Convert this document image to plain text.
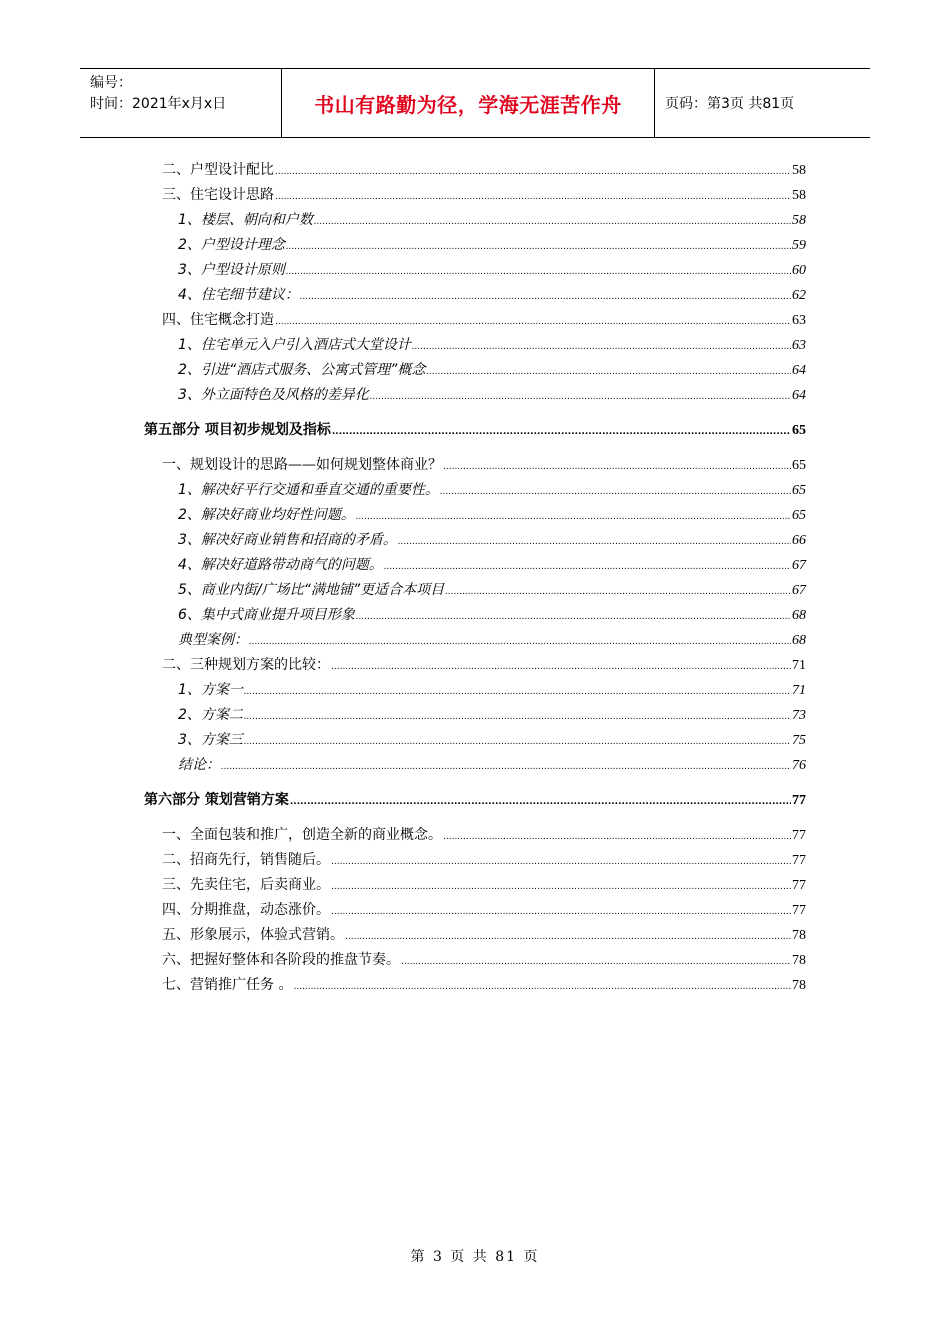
编号：
时间：2021年x月x日	书山有路勤为径，学海无涯苦作舟	页码：第3页 共81页
二、户型设计配比 .....	58
三、住宅设计思路 .....	58
1、楼层、朝向和户数 .....	58
2、户型设计理念 .....	59
3、户型设计原则 .....	60
4、住宅细节建议： .....	62
四、住宅概念打造 .....	63
1、住宅单元入户引入酒店式大堂设计 .....	63
2、引进“酒店式服务、公寓式管理”概念 .....	64
3、外立面特色及风格的差异化 .....	64
第五部分 项目初步规划及指标 .....	65
一、规划设计的思路——如何规划整体商业？ .....	65
1、解决好平行交通和垂直交通的重要性。 .....	65
2、解决好商业均好性问题。 .....	65
3、解决好商业销售和招商的矛盾。 .....	66
4、解决好道路带动商气的问题。 .....	67
5、商业内街/广场比“满地铺”更适合本项目 .....	67
6、集中式商业提升项目形象 .....	68
典型案例： .....	68
二、三种规划方案的比较： .....	71
1、方案一 .....	71
2、方案二 .....	73
3、方案三 .....	75
结论： .....	76
第六部分 策划营销方案 .....	77
一、全面包装和推广，创造全新的商业概念。 .....	77
二、招商先行，销售随后。 .....	77
三、先卖住宅，后卖商业。 .....	77
四、分期推盘，动态涨价。 .....	77
五、形象展示，体验式营销。 .....	78
六、把握好整体和各阶段的推盘节奏。 .....	78
七、营销推广任务 。 .....	78
第 3 页 共 81 页
